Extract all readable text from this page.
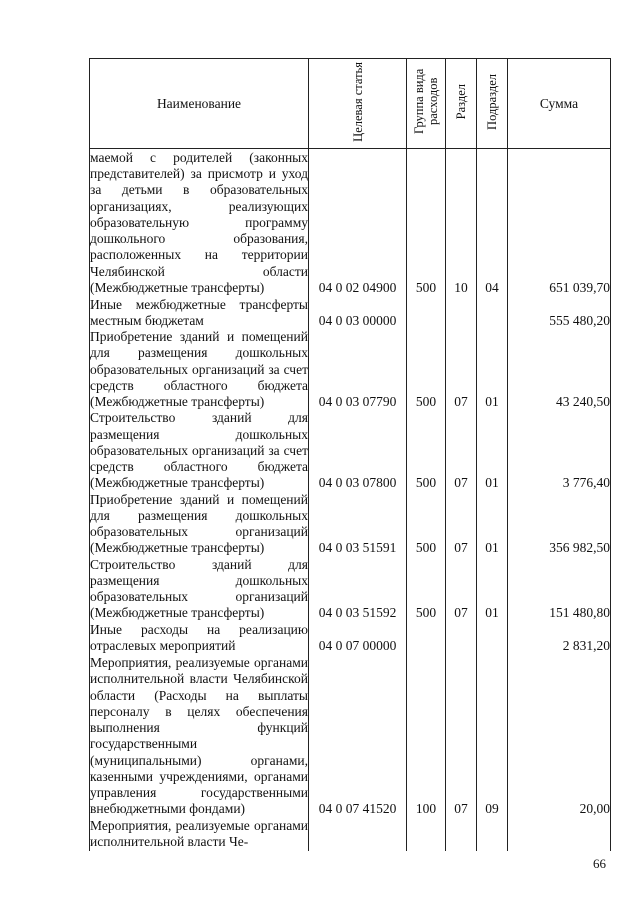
Наименование	Целевая статья	Группа вида расходов	Раздел	Подраздел	Сумма

маемой с родителей (законных представителей) за присмотр и уход за детьми в образовательных организациях, реализующих образовательную программу дошкольного образования, расположенных на территории Челябинской области (Межбюджетные трансферты)	04 0 02 04900	500	10	04	651 039,70

Иные межбюджетные трансферты местным бюджетам	04 0 03 00000				555 480,20

Приобретение зданий и помещений для размещения дошкольных образовательных организаций за счет средств областного бюджета (Межбюджетные трансферты)	04 0 03 07790	500	07	01	43 240,50

Строительство зданий для размещения дошкольных образовательных организаций за счет средств областного бюджета (Межбюджетные трансферты)	04 0 03 07800	500	07	01	3 776,40

Приобретение зданий и помещений для размещения дошкольных образовательных организаций (Межбюджетные трансферты)	04 0 03 51591	500	07	01	356 982,50

Строительство зданий для размещения дошкольных образовательных организаций (Межбюджетные трансферты)	04 0 03 51592	500	07	01	151 480,80

Иные расходы на реализацию отраслевых мероприятий	04 0 07 00000				2 831,20

Мероприятия, реализуемые органами исполнительной власти Челябинской области (Расходы на выплаты персоналу в целях обеспечения выполнения функций государственными (муниципальными) органами, казенными учреждениями, органами управления государственными внебюджетными фондами)	04 0 07 41520	100	07	09	20,00

Мероприятия, реализуемые органами исполнительной власти Че-					

66
